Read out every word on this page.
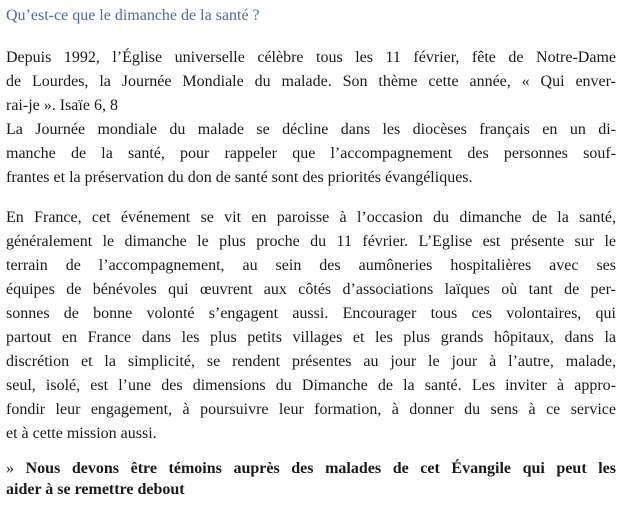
Qu’est-ce que le dimanche de la santé ?

Depuis 1992, l’Église universelle célèbre tous les 11 février, fête de Notre-Dame
de Lourdes, la Journée Mondiale du malade. Son thème cette année, « Qui enver-
rai-je ». Isaïe 6, 8

La Journée mondiale du malade se décline dans les diocèses français en un di-
manche de la santé, pour rappeler que l’accompagnement des personnes souf-
frantes et la préservation du don de santé sont des priorités évangéliques.

En France, cet événement se vit en paroisse à l’occasion du dimanche de la santé,
généralement le dimanche le plus proche du 11 février. L’Eglise est présente sur le
terrain de l’accompagnement, au sein des aumôneries hospitalières avec ses
équipes de bénévoles qui œuvrent aux côtés d’associations laïques où tant de per-
sonnes de bonne volonté s’engagent aussi. Encourager tous ces volontaires, qui
partout en France dans les plus petits villages et les plus grands hôpitaux, dans la
discrétion et la simplicité, se rendent présentes au jour le jour à l’autre, malade,
seul, isolé, est l’une des dimensions du Dimanche de la santé. Les inviter à appro-
fondir leur engagement, à poursuivre leur formation, à donner du sens à ce service
et à cette mission aussi.

» Nous devons être témoins auprès des malades de cet Évangile qui peut les
aider à se remettre debout
